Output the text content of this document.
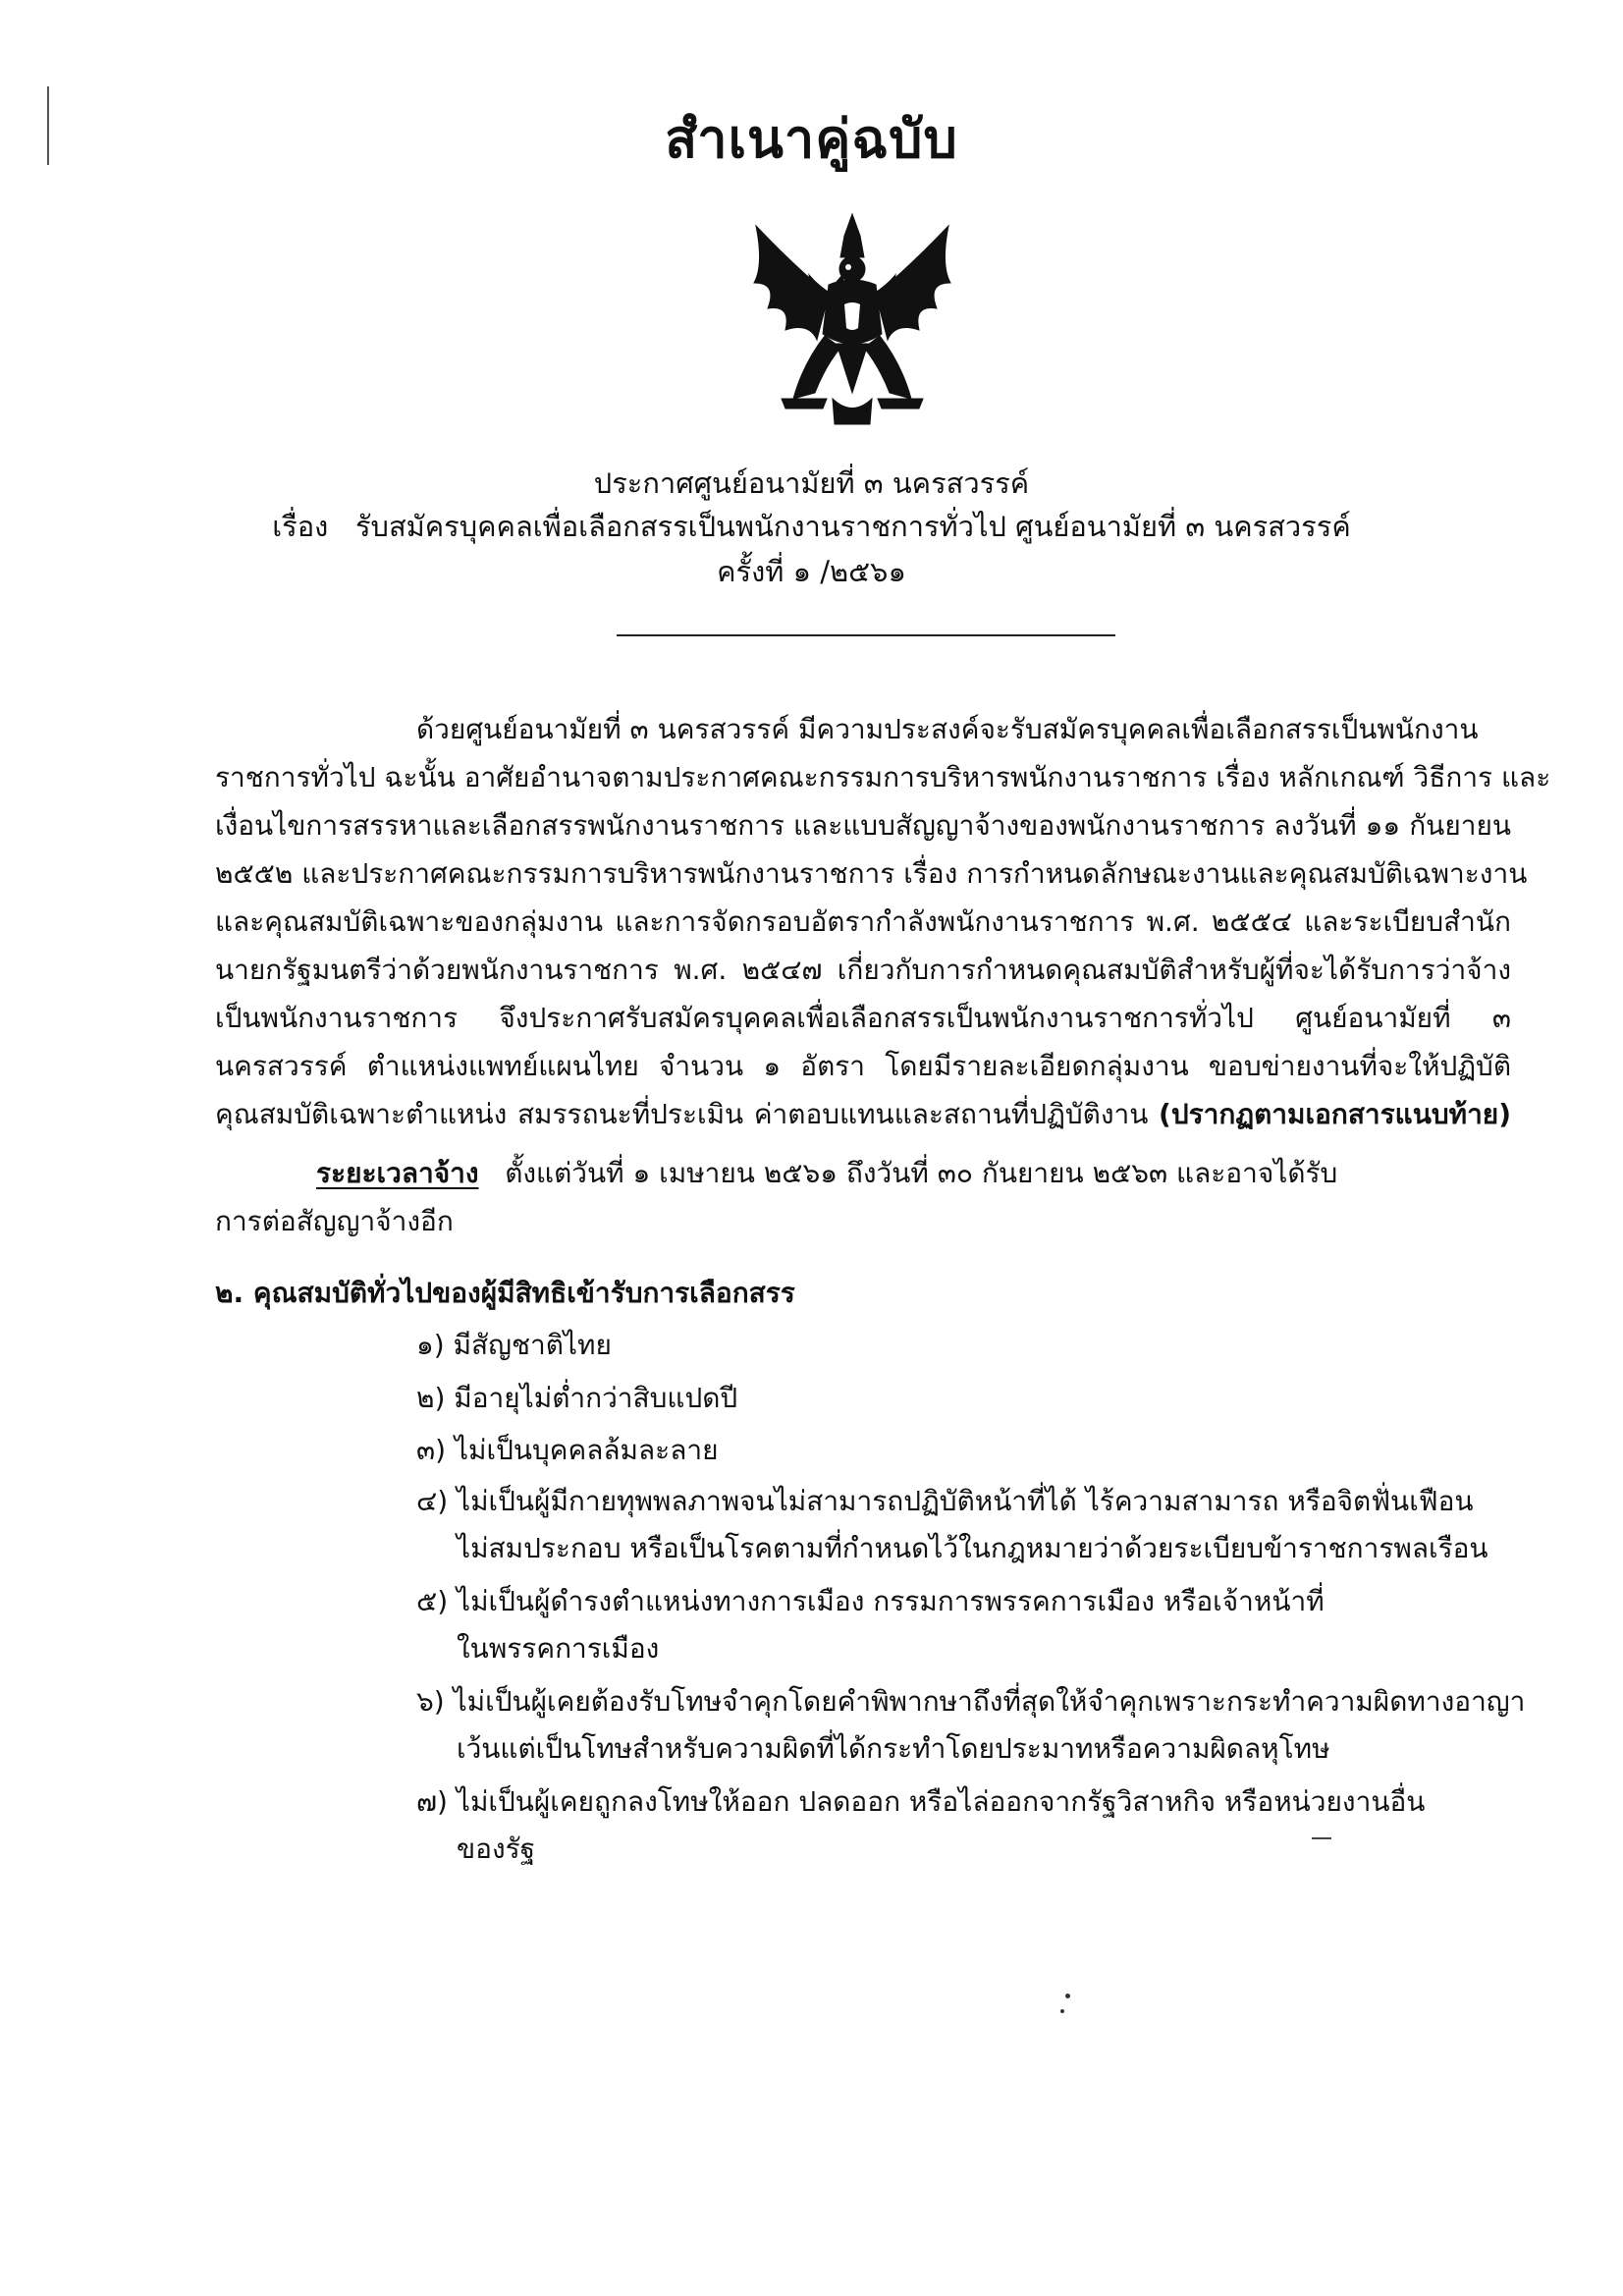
สำเนาคู่ฉบับ
ประกาศศูนย์อนามัยที่ ๓ นครสวรรค์
เรื่อง รับสมัครบุคคลเพื่อเลือกสรรเป็นพนักงานราชการทั่วไป ศูนย์อนามัยที่ ๓ นครสวรรค์
ครั้งที่ ๑ /๒๕๖๑
ด้วยศูนย์อนามัยที่ ๓ นครสวรรค์ มีความประสงค์จะรับสมัครบุคคลเพื่อเลือกสรรเป็นพนักงาน
ราชการทั่วไป ฉะนั้น อาศัยอำนาจตามประกาศคณะกรรมการบริหารพนักงานราชการ เรื่อง หลักเกณฑ์ วิธีการ และ
เงื่อนไขการสรรหาและเลือกสรรพนักงานราชการ และแบบสัญญาจ้างของพนักงานราชการ ลงวันที่ ๑๑ กันยายน
๒๕๕๒ และประกาศคณะกรรมการบริหารพนักงานราชการ เรื่อง การกำหนดลักษณะงานและคุณสมบัติเฉพาะงาน
และคุณสมบัติเฉพาะของกลุ่มงาน และการจัดกรอบอัตรากำลังพนักงานราชการ พ.ศ. ๒๕๕๔ และระเบียบสำนัก
นายกรัฐมนตรีว่าด้วยพนักงานราชการ พ.ศ. ๒๕๔๗ เกี่ยวกับการกำหนดคุณสมบัติสำหรับผู้ที่จะได้รับการว่าจ้าง
เป็นพนักงานราชการ จึงประกาศรับสมัครบุคคลเพื่อเลือกสรรเป็นพนักงานราชการทั่วไป ศูนย์อนามัยที่ ๓
นครสวรรค์ ตำแหน่งแพทย์แผนไทย จำนวน ๑ อัตรา โดยมีรายละเอียดกลุ่มงาน ขอบข่ายงานที่จะให้ปฏิบัติ
คุณสมบัติเฉพาะตำแหน่ง สมรรถนะที่ประเมิน ค่าตอบแทนและสถานที่ปฏิบัติงาน (ปรากฏตามเอกสารแนบท้าย)
ระยะเวลาจ้าง ตั้งแต่วันที่ ๑ เมษายน ๒๕๖๑ ถึงวันที่ ๓๐ กันยายน ๒๕๖๓ และอาจได้รับ
การต่อสัญญาจ้างอีก
๒. คุณสมบัติทั่วไปของผู้มีสิทธิเข้ารับการเลือกสรร
๑) มีสัญชาติไทย
๒) มีอายุไม่ต่ำกว่าสิบแปดปี
๓) ไม่เป็นบุคคลล้มละลาย
๔) ไม่เป็นผู้มีกายทุพพลภาพจนไม่สามารถปฏิบัติหน้าที่ได้ ไร้ความสามารถ หรือจิตฟั่นเฟือน
ไม่สมประกอบ หรือเป็นโรคตามที่กำหนดไว้ในกฎหมายว่าด้วยระเบียบข้าราชการพลเรือน
๕) ไม่เป็นผู้ดำรงตำแหน่งทางการเมือง กรรมการพรรคการเมือง หรือเจ้าหน้าที่
ในพรรคการเมือง
๖) ไม่เป็นผู้เคยต้องรับโทษจำคุกโดยคำพิพากษาถึงที่สุดให้จำคุกเพราะกระทำความผิดทางอาญา
เว้นแต่เป็นโทษสำหรับความผิดที่ได้กระทำโดยประมาทหรือความผิดลหุโทษ
๗) ไม่เป็นผู้เคยถูกลงโทษให้ออก ปลดออก หรือไล่ออกจากรัฐวิสาหกิจ หรือหน่วยงานอื่น
ของรัฐ
